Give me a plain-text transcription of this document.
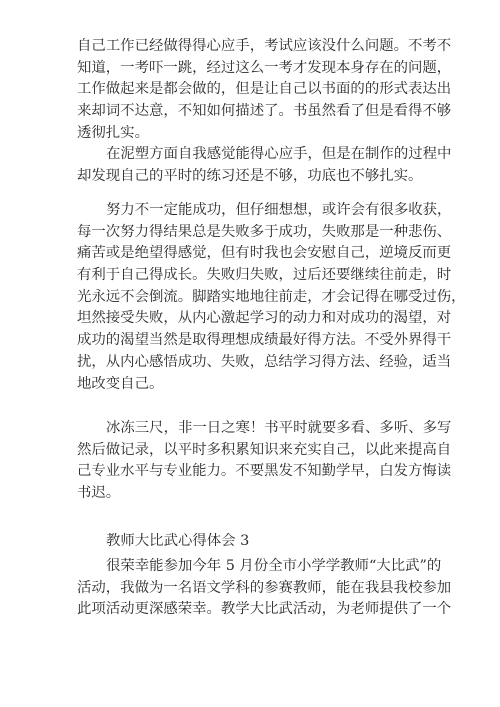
自己工作已经做得得心应手，考试应该没什么问题。不考不
知道，一考吓一跳，经过这么一考才发现本身存在的问题，
工作做起来是都会做的，但是让自己以书面的的形式表达出
来却词不达意，不知如何描述了。书虽然看了但是看得不够
透彻扎实。
在泥塑方面自我感觉能得心应手，但是在制作的过程中
却发现自己的平时的练习还是不够，功底也不够扎实。
努力不一定能成功，但仔细想想，或许会有很多收获，
每一次努力得结果总是失败多于成功，失败那是一种悲伤、
痛苦或是绝望得感觉，但有时我也会安慰自己，逆境反而更
有利于自己得成长。失败归失败，过后还要继续往前走，时
光永远不会倒流。脚踏实地地往前走，才会记得在哪受过伤，
坦然接受失败，从内心激起学习的动力和对成功的渴望，对
成功的渴望当然是取得理想成绩最好得方法。不受外界得干
扰，从内心感悟成功、失败，总结学习得方法、经验，适当
地改变自己。
冰冻三尺，非一日之寒！书平时就要多看、多听、多写
然后做记录，以平时多积累知识来充实自己，以此来提高自
己专业水平与专业能力。不要黑发不知勤学早，白发方悔读
书迟。
教师大比武心得体会 3
很荣幸能参加今年 5 月份全市小学学教师“大比武”的
活动，我做为一名语文学科的参赛教师，能在我县我校参加
此项活动更深感荣幸。教学大比武活动，为老师提供了一个
